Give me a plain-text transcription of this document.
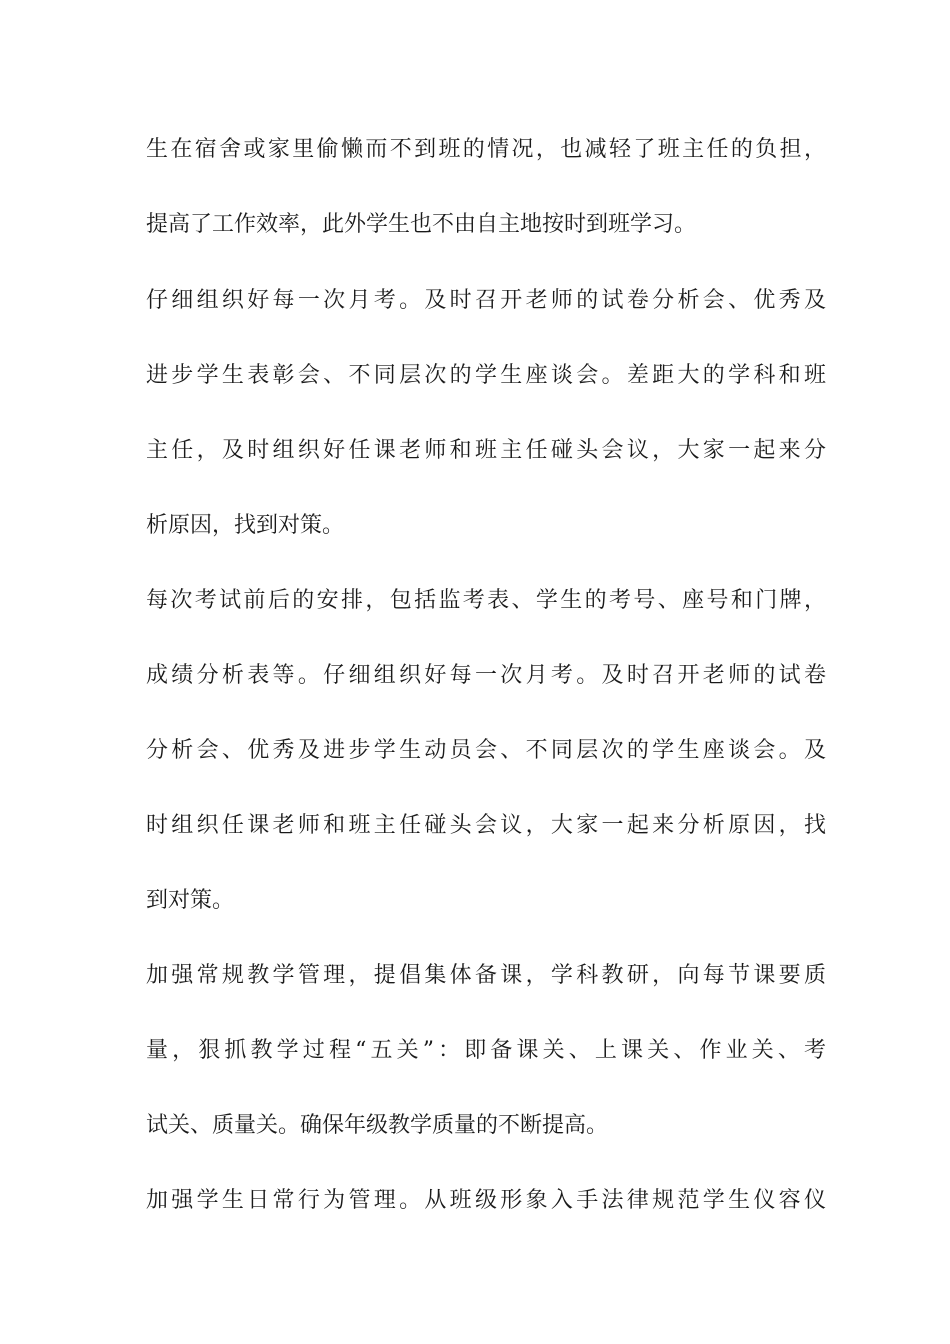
生在宿舍或家里偷懒而不到班的情况，也减轻了班主任的负担，
提高了工作效率，此外学生也不由自主地按时到班学习。
仔细组织好每一次月考。及时召开老师的试卷分析会、优秀及
进步学生表彰会、不同层次的学生座谈会。差距大的学科和班
主任，及时组织好任课老师和班主任碰头会议，大家一起来分
析原因，找到对策。
每次考试前后的安排，包括监考表、学生的考号、座号和门牌，
成绩分析表等。仔细组织好每一次月考。及时召开老师的试卷
分析会、优秀及进步学生动员会、不同层次的学生座谈会。及
时组织任课老师和班主任碰头会议，大家一起来分析原因，找
到对策。
加强常规教学管理，提倡集体备课，学科教研，向每节课要质
量，狠抓教学过程“五关”：即备课关、上课关、作业关、考
试关、质量关。确保年级教学质量的不断提高。
加强学生日常行为管理。从班级形象入手法律规范学生仪容仪
